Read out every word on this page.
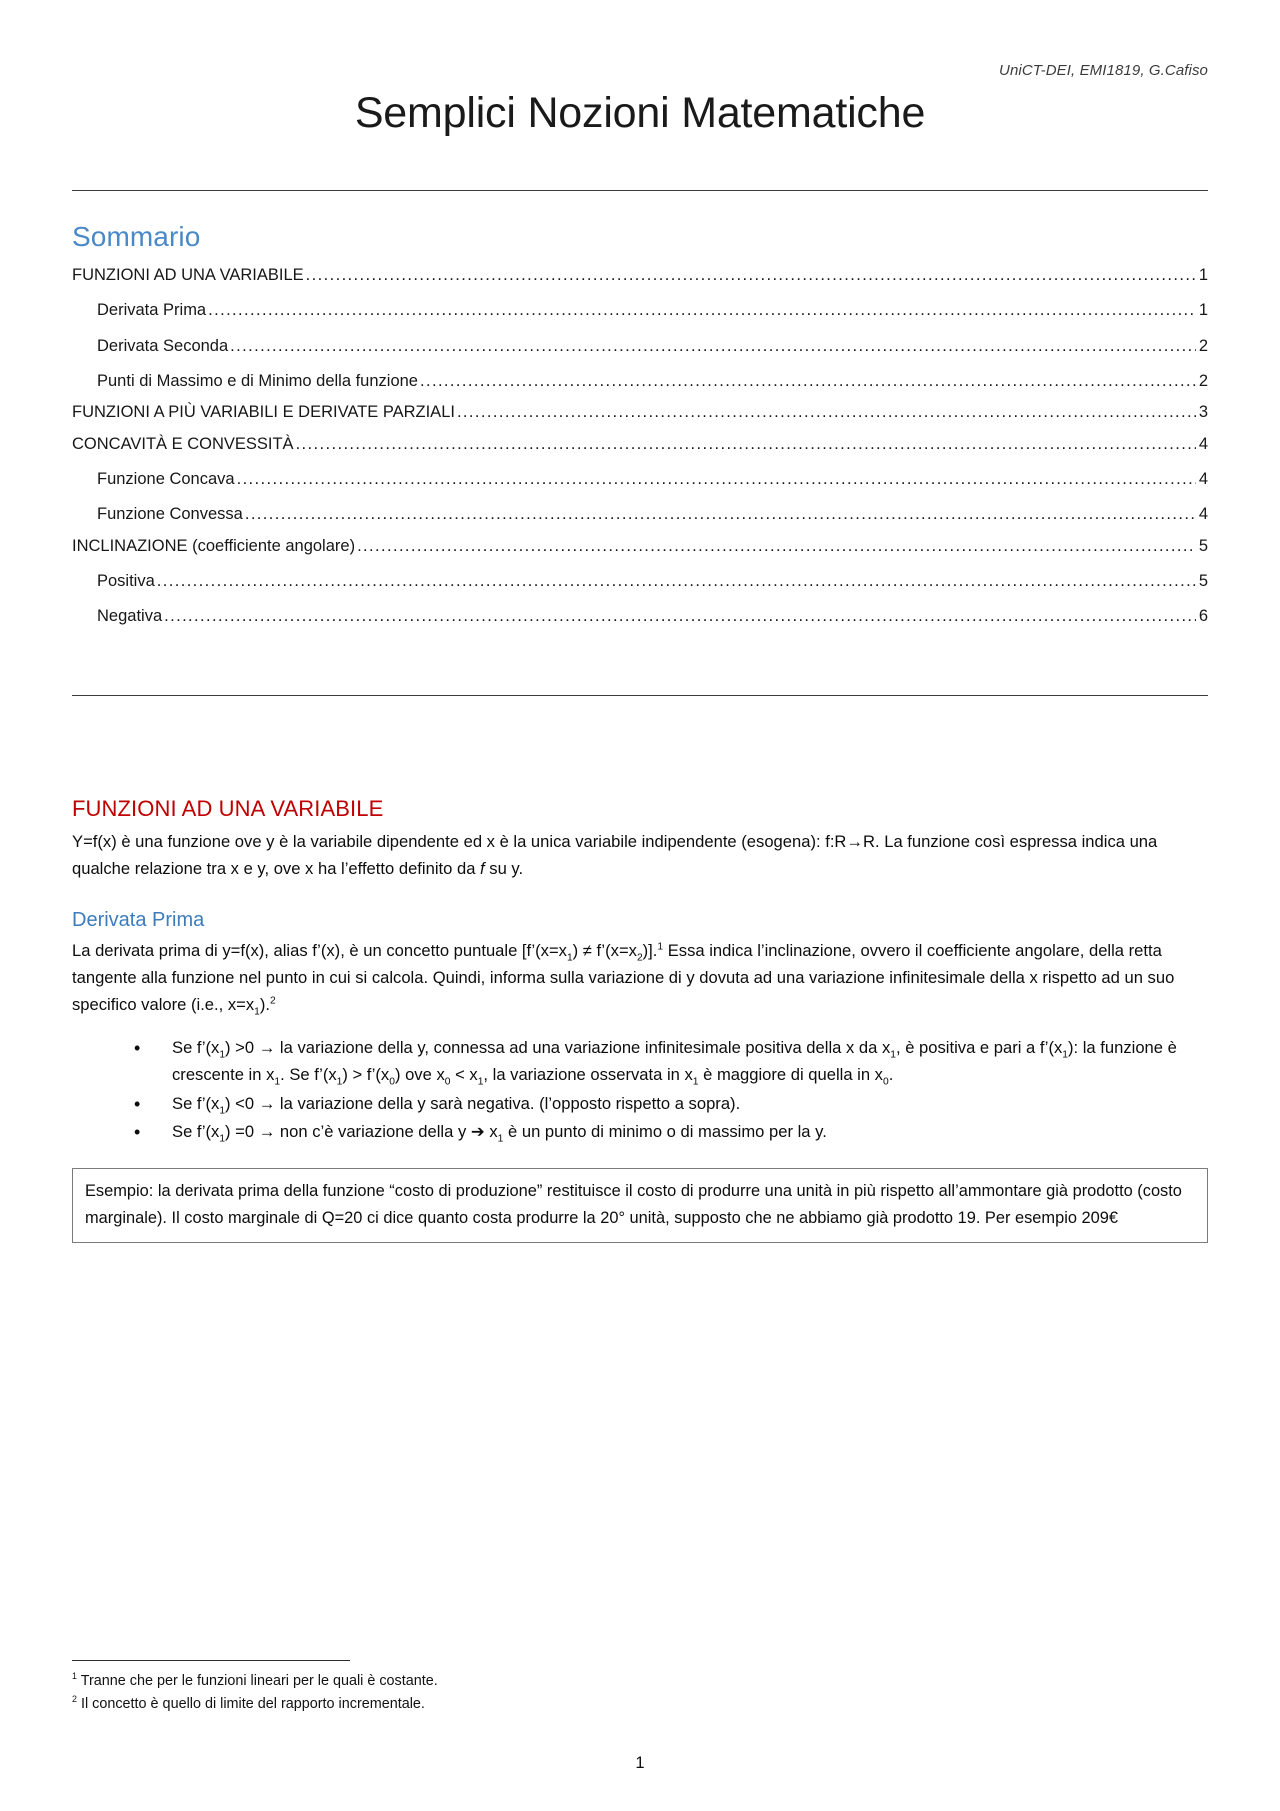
UniCT-DEI, EMI1819, G.Cafiso
Semplici Nozioni Matematiche
Sommario
FUNZIONI AD UNA VARIABILE .....	1
Derivata Prima .....	1
Derivata Seconda .....	2
Punti di Massimo e di Minimo della funzione .....	2
FUNZIONI A PIÙ VARIABILI E DERIVATE PARZIALI .....	3
CONCAVITÀ E CONVESSITÀ .....	4
Funzione Concava .....	4
Funzione Convessa .....	4
INCLINAZIONE (coefficiente angolare) .....	5
Positiva .....	5
Negativa .....	6
FUNZIONI AD UNA VARIABILE

Y=f(x) è una funzione ove y è la variabile dipendente ed x è la unica variabile indipendente (esogena): f:R→R. La funzione così espressa indica una qualche relazione tra x e y, ove x ha l’effetto definito da f su y.

Derivata Prima

La derivata prima di y=f(x), alias f’(x), è un concetto puntuale [$f’(x=x_1)$ ≠ $f’(x=x_2)].^1$ Essa indica l’inclinazione, ovvero il coefficiente angolare, della retta tangente alla funzione nel punto in cui si calcola. Quindi, informa sulla variazione di y dovuta ad una variazione infinitesimale della x rispetto ad un suo specifico valore (i.e., $x=x_1).^2$

• Se $f’(x_1) >0$ → la variazione della y, connessa ad una variazione infinitesimale positiva della x da $x_1$, è positiva e pari a $f’(x_1)$: la funzione è crescente in $x_1$. Se $f’(x_1)$ > $f’(x_0)$ ove $x_0 < x_1$, la variazione osservata in $x_1$ è maggiore di quella in $x_0$.
• Se $f’(x_1) <0$ → la variazione della y sarà negativa. (l’opposto rispetto a sopra).
• Se $f’(x_1) =0$ → non c’è variazione della y ➔ $x_1$ è un punto di minimo o di massimo per la y.

Esempio: la derivata prima della funzione “costo di produzione” restituisce il costo di produrre una unità in più rispetto all’ammontare già prodotto (costo marginale). Il costo marginale di Q=20 ci dice quanto costa produrre la 20° unità, supposto che ne abbiamo già prodotto 19. Per esempio 209€

$^1$ Tranne che per le funzioni lineari per le quali è costante.
$^2$ Il concetto è quello di limite del rapporto incrementale.
1
